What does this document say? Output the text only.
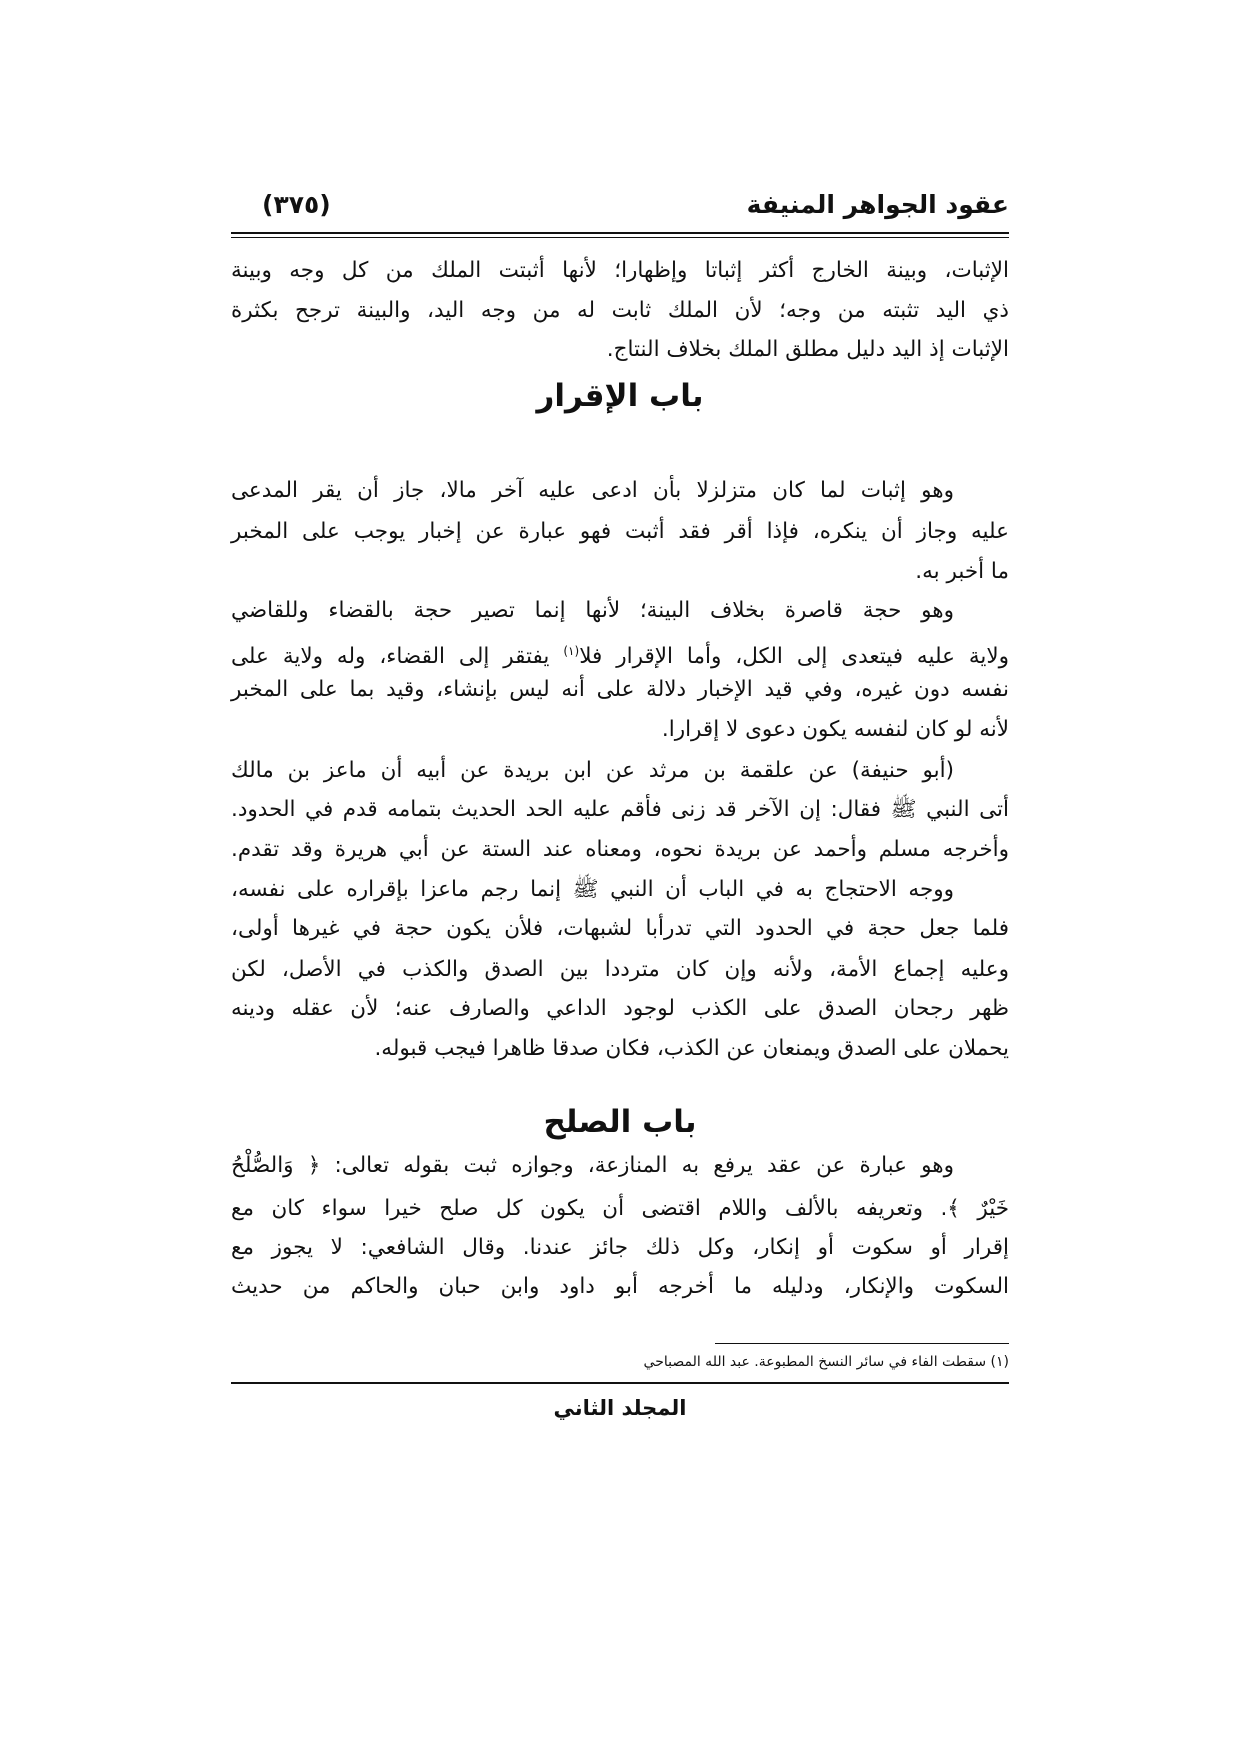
عقود الجواهر المنيفة
(٣٧٥)
الإثبات، وبينة الخارج أكثر إثباتا وإظهارا؛ لأنها أثبتت الملك من كل وجه وبينة
ذي اليد تثبته من وجه؛ لأن الملك ثابت له من وجه اليد، والبينة ترجح بكثرة
الإثبات إذ اليد دليل مطلق الملك بخلاف النتاج.
باب الإقرار
وهو إثبات لما كان متزلزلا بأن ادعى عليه آخر مالا، جاز أن يقر المدعى
عليه وجاز أن ينكره، فإذا أقر فقد أثبت فهو عبارة عن إخبار يوجب على المخبر
ما أخبر به.
وهو حجة قاصرة بخلاف البينة؛ لأنها إنما تصير حجة بالقضاء وللقاضي
ولاية عليه فيتعدى إلى الكل، وأما الإقرار فلا$^{(١)}$ يفتقر إلى القضاء، وله ولاية على
نفسه دون غيره، وفي قيد الإخبار دلالة على أنه ليس بإنشاء، وقيد بما على المخبر
لأنه لو كان لنفسه يكون دعوى لا إقرارا.
(أبو حنيفة) عن علقمة بن مرثد عن ابن بريدة عن أبيه أن ماعز بن مالك
أتى النبي ﷺ فقال: إن الآخر قد زنى فأقم عليه الحد الحديث بتمامه قدم في الحدود.
وأخرجه مسلم وأحمد عن بريدة نحوه، ومعناه عند الستة عن أبي هريرة وقد تقدم.
ووجه الاحتجاج به في الباب أن النبي ﷺ إنما رجم ماعزا بإقراره على نفسه،
فلما جعل حجة في الحدود التي تدرأبا لشبهات، فلأن يكون حجة في غيرها أولى،
وعليه إجماع الأمة، ولأنه وإن كان مترددا بين الصدق والكذب في الأصل، لكن
ظهر رجحان الصدق على الكذب لوجود الداعي والصارف عنه؛ لأن عقله ودينه
يحملان على الصدق ويمنعان عن الكذب، فكان صدقا ظاهرا فيجب قبوله.
باب الصلح
وهو عبارة عن عقد يرفع به المنازعة، وجوازه ثبت بقوله تعالى: ﴿ وَالصُّلْحُ
خَيْرٌ ﴾. وتعريفه بالألف واللام اقتضى أن يكون كل صلح خيرا سواء كان مع
إقرار أو سكوت أو إنكار، وكل ذلك جائز عندنا. وقال الشافعي: لا يجوز مع
السكوت والإنكار، ودليله ما أخرجه أبو داود وابن حبان والحاكم من حديث
(١) سقطت الفاء في سائر النسخ المطبوعة. عبد الله المصباحي
المجلد الثاني
